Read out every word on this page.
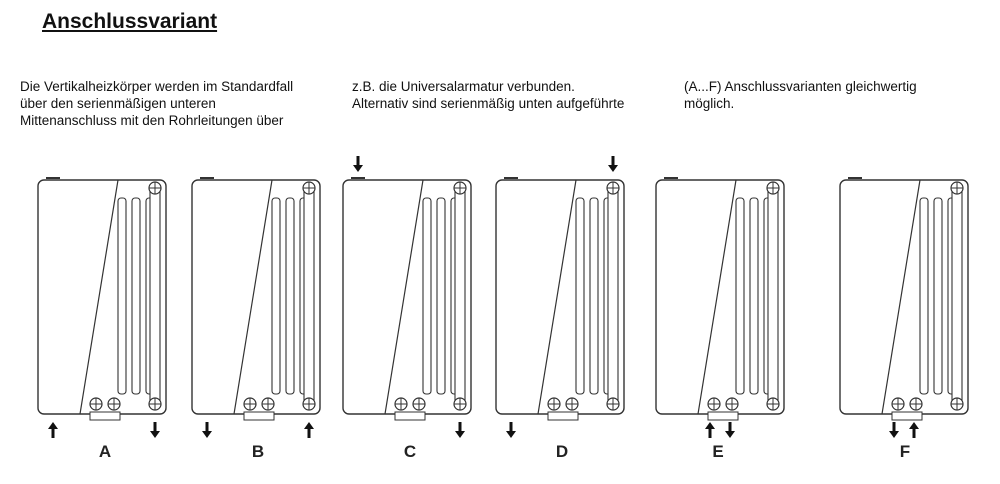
Anschlussvariant
Die Vertikalheizkörper werden im Standardfall
über den serienmäßigen unteren
Mittenanschluss mit den Rohrleitungen über
z.B. die Universalarmatur verbunden.
Alternativ sind serienmäßig unten aufgeführte
(A...F) Anschlussvarianten gleichwertig
möglich.
A	B	C	D	E	F
